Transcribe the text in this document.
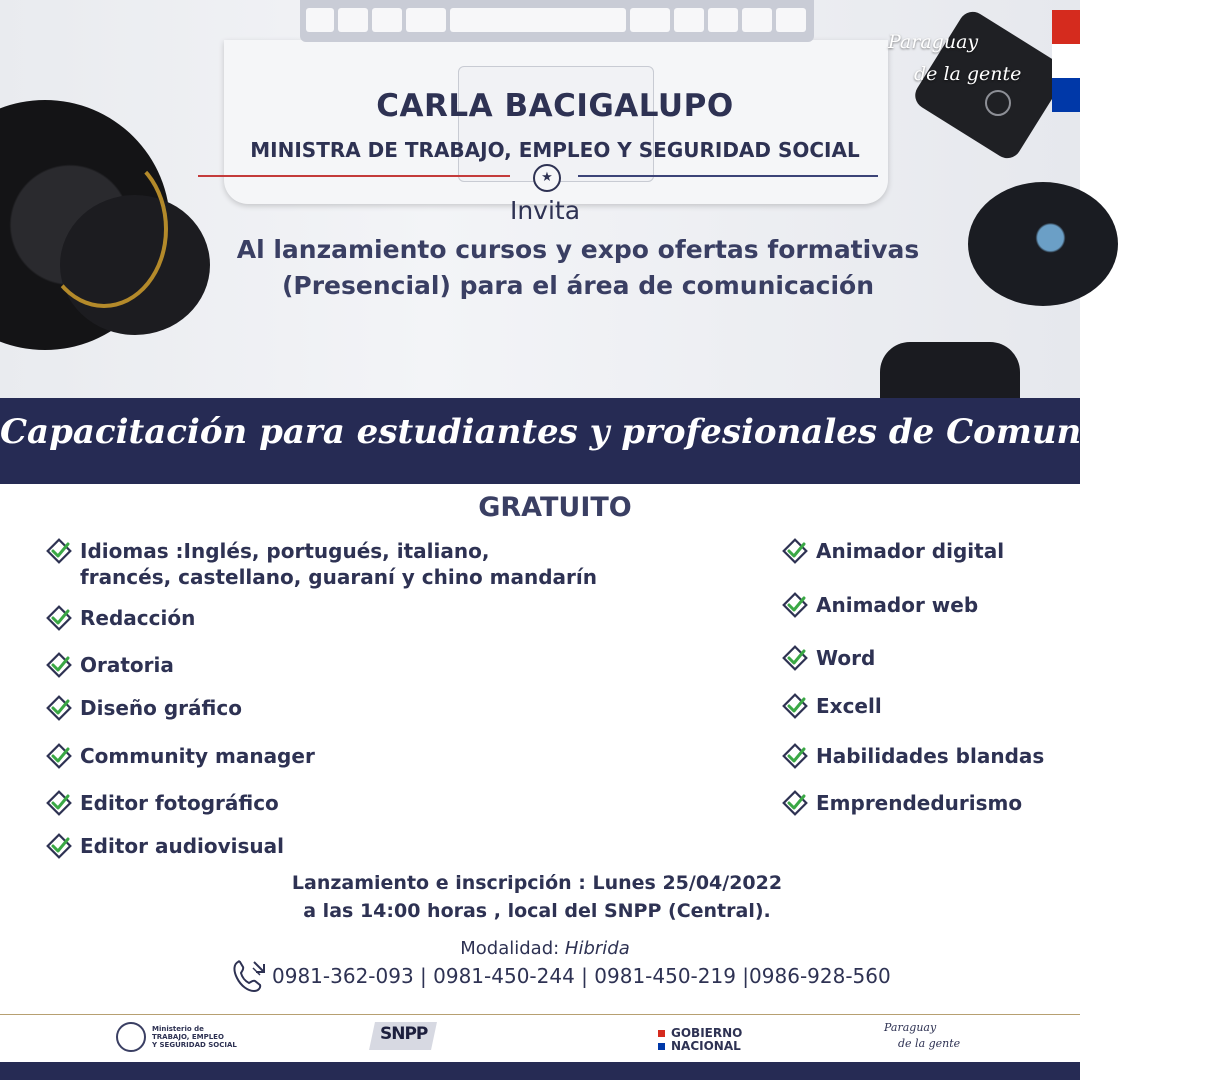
Paraguay
de la gente
CARLA BACIGALUPO
MINISTRA DE TRABAJO, EMPLEO Y SEGURIDAD SOCIAL
★
Invita
Al lanzamiento cursos y expo ofertas formativas
(Presencial) para el área de comunicación
Capacitación para estudiantes y profesionales de Comunicación
GRATUITO
Idiomas :Inglés, portugués, italiano,
francés, castellano, guaraní y chino mandarín
Redacción
Oratoria
Diseño gráfico
Community manager
Editor fotográfico
Editor audiovisual
Animador digital
Animador web
Word
Excell
Habilidades blandas
Emprendedurismo
Lanzamiento e inscripción : Lunes 25/04/2022
a las 14:00 horas , local del SNPP (Central).
Modalidad: Hibrida
0981-362-093 | 0981-450-244 | 0981-450-219 |0986-928-560
Ministerio de
TRABAJO, EMPLEO
Y SEGURIDAD SOCIAL
SNPP	GOBIERNO
NACIONAL
Paraguay
de la gente
